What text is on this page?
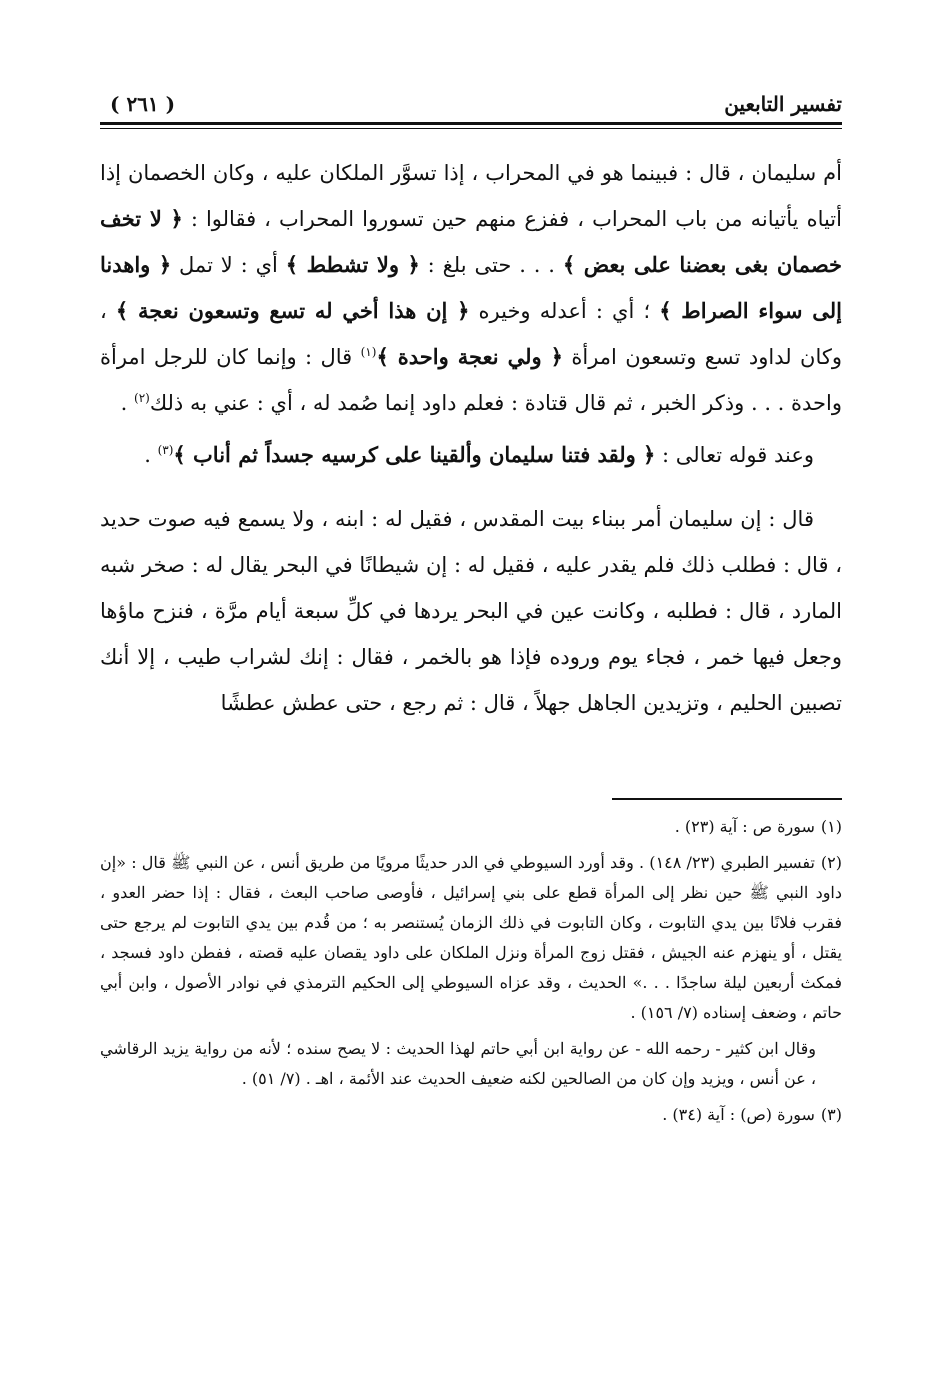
تفسير التابعين
( ٢٦١ )

أم سليمان ، قال : فبينما هو في المحراب ، إذا تسوَّر الملكان عليه ، وكان الخصمان إذا أتياه يأتيانه من باب المحراب ، ففزع منهم حين تسوروا المحراب ، فقالوا : ﴿ لا تخف خصمان بغى بعضنا على بعض ﴾ . . . حتى بلغ : ﴿ ولا تشطط ﴾ أي : لا تمل ﴿ واهدنا إلى سواء الصراط ﴾ ؛ أي : أعدله وخيره ﴿ إن هذا أخي له تسع وتسعون نعجة ﴾ ، وكان لداود تسع وتسعون امرأة ﴿ ولي نعجة واحدة ﴾$^{(١)}$ قال : وإنما كان للرجل امرأة واحدة . . . وذكر الخبر ، ثم قال قتادة : فعلم داود إنما صُمد له ، أي : عني به ذلك$^{(٢)}$ .

وعند قوله تعالى : ﴿ ولقد فتنا سليمان وألقينا على كرسيه جسداً ثم أناب ﴾$^{(٣)}$ .

قال : إن سليمان أمر ببناء بيت المقدس ، فقيل له : ابنه ، ولا يسمع فيه صوت حديد ، قال : فطلب ذلك فلم يقدر عليه ، فقيل له : إن شيطانًا في البحر يقال له : صخر شبه المارد ، قال : فطلبه ، وكانت عين في البحر يردها في كلِّ سبعة أيام مرَّة ، فنزح ماؤها وجعل فيها خمر ، فجاء يوم وروده فإذا هو بالخمر ، فقال : إنك لشراب طيب ، إلا أنك تصبين الحليم ، وتزيدين الجاهل جهلاً ، قال : ثم رجع ، حتى عطش عطشًا

(١)سورة ص : آية (٢٣) .

(٢)تفسير الطبري (٢٣/ ١٤٨) . وقد أورد السيوطي في الدر حديثًا مرويًا من طريق أنس ، عن النبي ﷺ قال : «إن داود النبي ﷺ حين نظر إلى المرأة قطع على بني إسرائيل ، فأوصى صاحب البعث ، فقال : إذا حضر العدو ، فقرب فلانًا بين يدي التابوت ، وكان التابوت في ذلك الزمان يُستنصر به ؛ من قُدم بين يدي التابوت لم يرجع حتى يقتل ، أو ينهزم عنه الجيش ، فقتل زوج المرأة ونزل الملكان على داود يقصان عليه قصته ، ففطن داود فسجد ، فمكث أربعين ليلة ساجدًا . . .» الحديث ، وقد عزاه السيوطي إلى الحكيم الترمذي في نوادر الأصول ، وابن أبي حاتم ، وضعف إسناده (٧/ ١٥٦) .

وقال ابن كثير - رحمه الله - عن رواية ابن أبي حاتم لهذا الحديث : لا يصح سنده ؛ لأنه من رواية يزيد الرقاشي ، عن أنس ، ويزيد وإن كان من الصالحين لكنه ضعيف الحديث عند الأئمة ، اهـ . (٧/ ٥١) .

(٣)سورة (ص) : آية (٣٤) .
